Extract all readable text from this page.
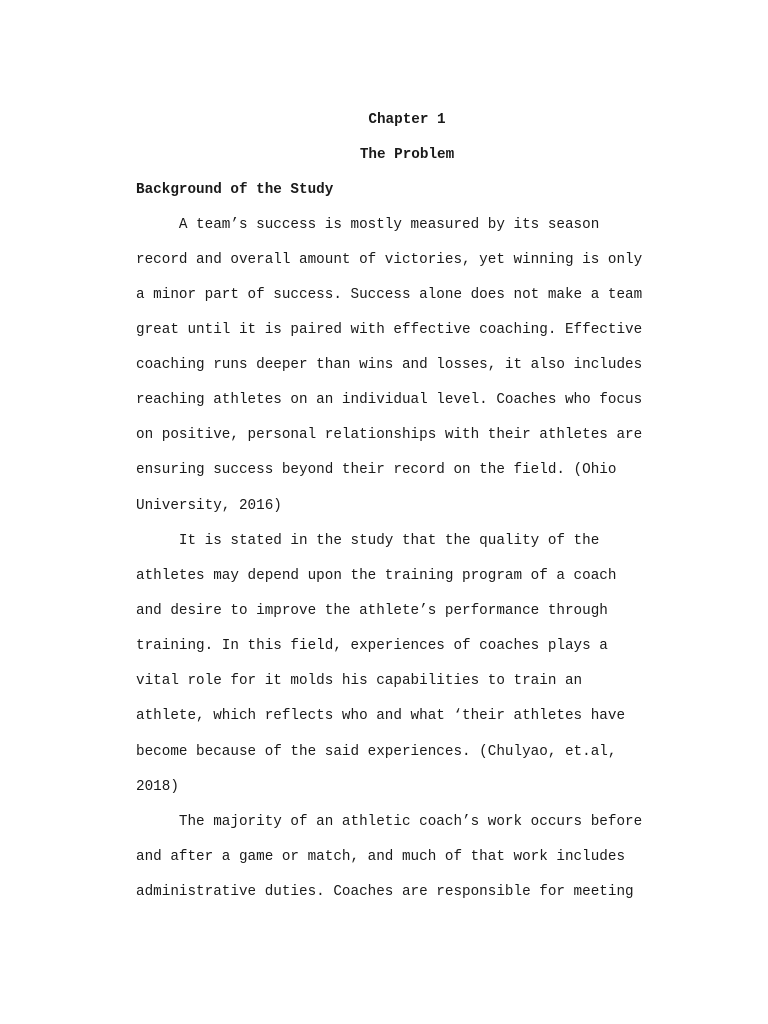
Chapter 1
The Problem
Background of the Study
A team’s success is mostly measured by its season
record and overall amount of victories, yet winning is only
a minor part of success. Success alone does not make a team
great until it is paired with effective coaching. Effective
coaching runs deeper than wins and losses, it also includes
reaching athletes on an individual level. Coaches who focus
on positive, personal relationships with their athletes are
ensuring success beyond their record on the field. (Ohio
University, 2016)
It is stated in the study that the quality of the
athletes may depend upon the training program of a coach
and desire to improve the athlete’s performance through
training. In this field, experiences of coaches plays a
vital role for it molds his capabilities to train an
athlete, which reflects who and what ‘their athletes have
become because of the said experiences. (Chulyao, et.al,
2018)
The majority of an athletic coach’s work occurs before
and after a game or match, and much of that work includes
administrative duties. Coaches are responsible for meeting
